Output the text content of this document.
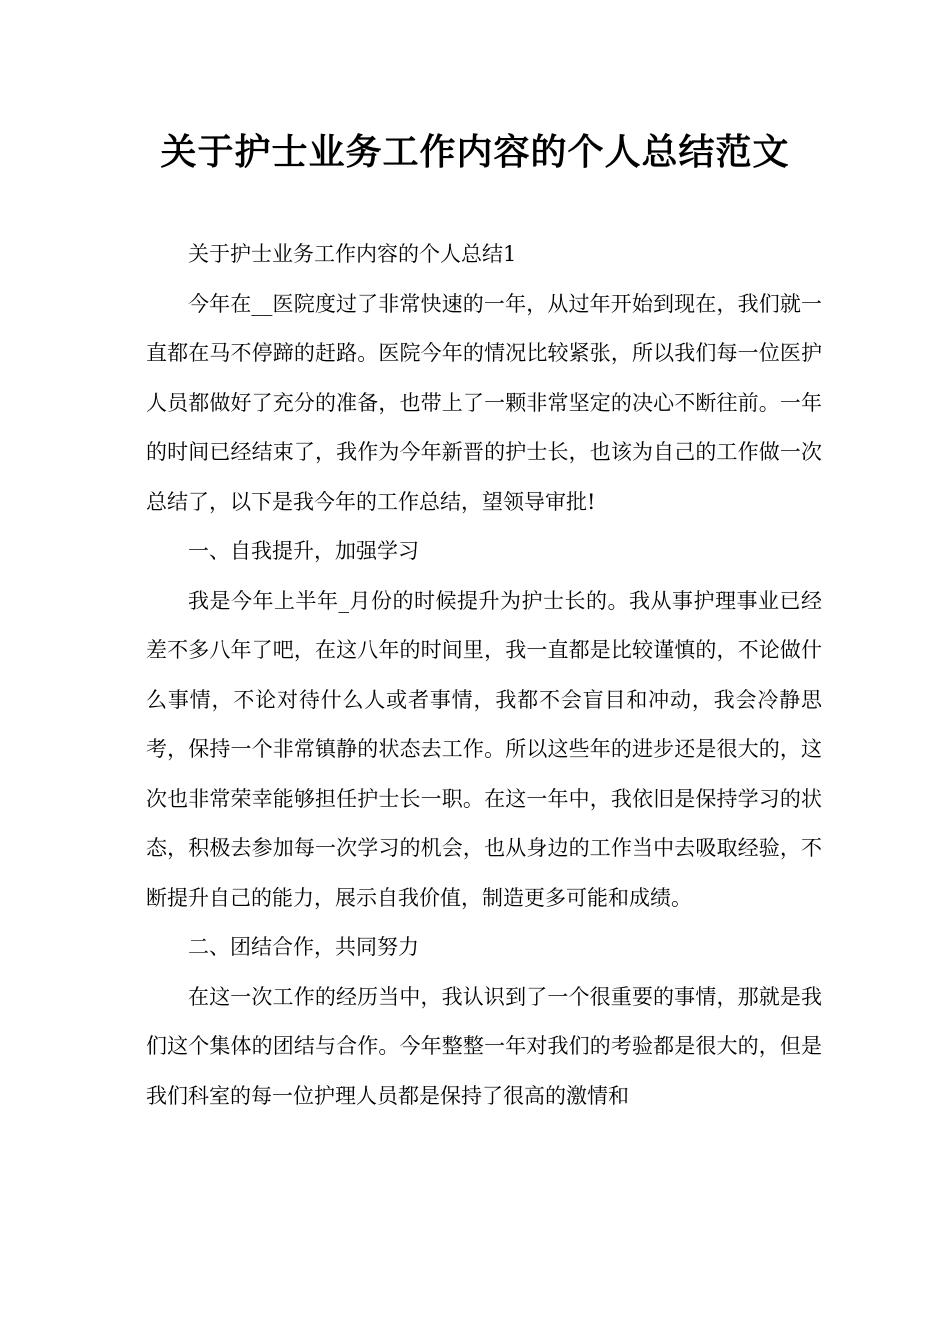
关于护士业务工作内容的个人总结范文

关于护士业务工作内容的个人总结1

今年在__医院度过了非常快速的一年，从过年开始到现在，我们就一直都在马不停蹄的赶路。医院今年的情况比较紧张，所以我们每一位医护人员都做好了充分的准备，也带上了一颗非常坚定的决心不断往前。一年的时间已经结束了，我作为今年新晋的护士长，也该为自己的工作做一次总结了，以下是我今年的工作总结，望领导审批!

一、自我提升，加强学习

我是今年上半年_月份的时候提升为护士长的。我从事护理事业已经差不多八年了吧，在这八年的时间里，我一直都是比较谨慎的，不论做什么事情，不论对待什么人或者事情，我都不会盲目和冲动，我会冷静思考，保持一个非常镇静的状态去工作。所以这些年的进步还是很大的，这次也非常荣幸能够担任护士长一职。在这一年中，我依旧是保持学习的状态，积极去参加每一次学习的机会，也从身边的工作当中去吸取经验，不断提升自己的能力，展示自我价值，制造更多可能和成绩。

二、团结合作，共同努力

在这一次工作的经历当中，我认识到了一个很重要的事情，那就是我们这个集体的团结与合作。今年整整一年对我们的考验都是很大的，但是我们科室的每一位护理人员都是保持了很高的激情和
